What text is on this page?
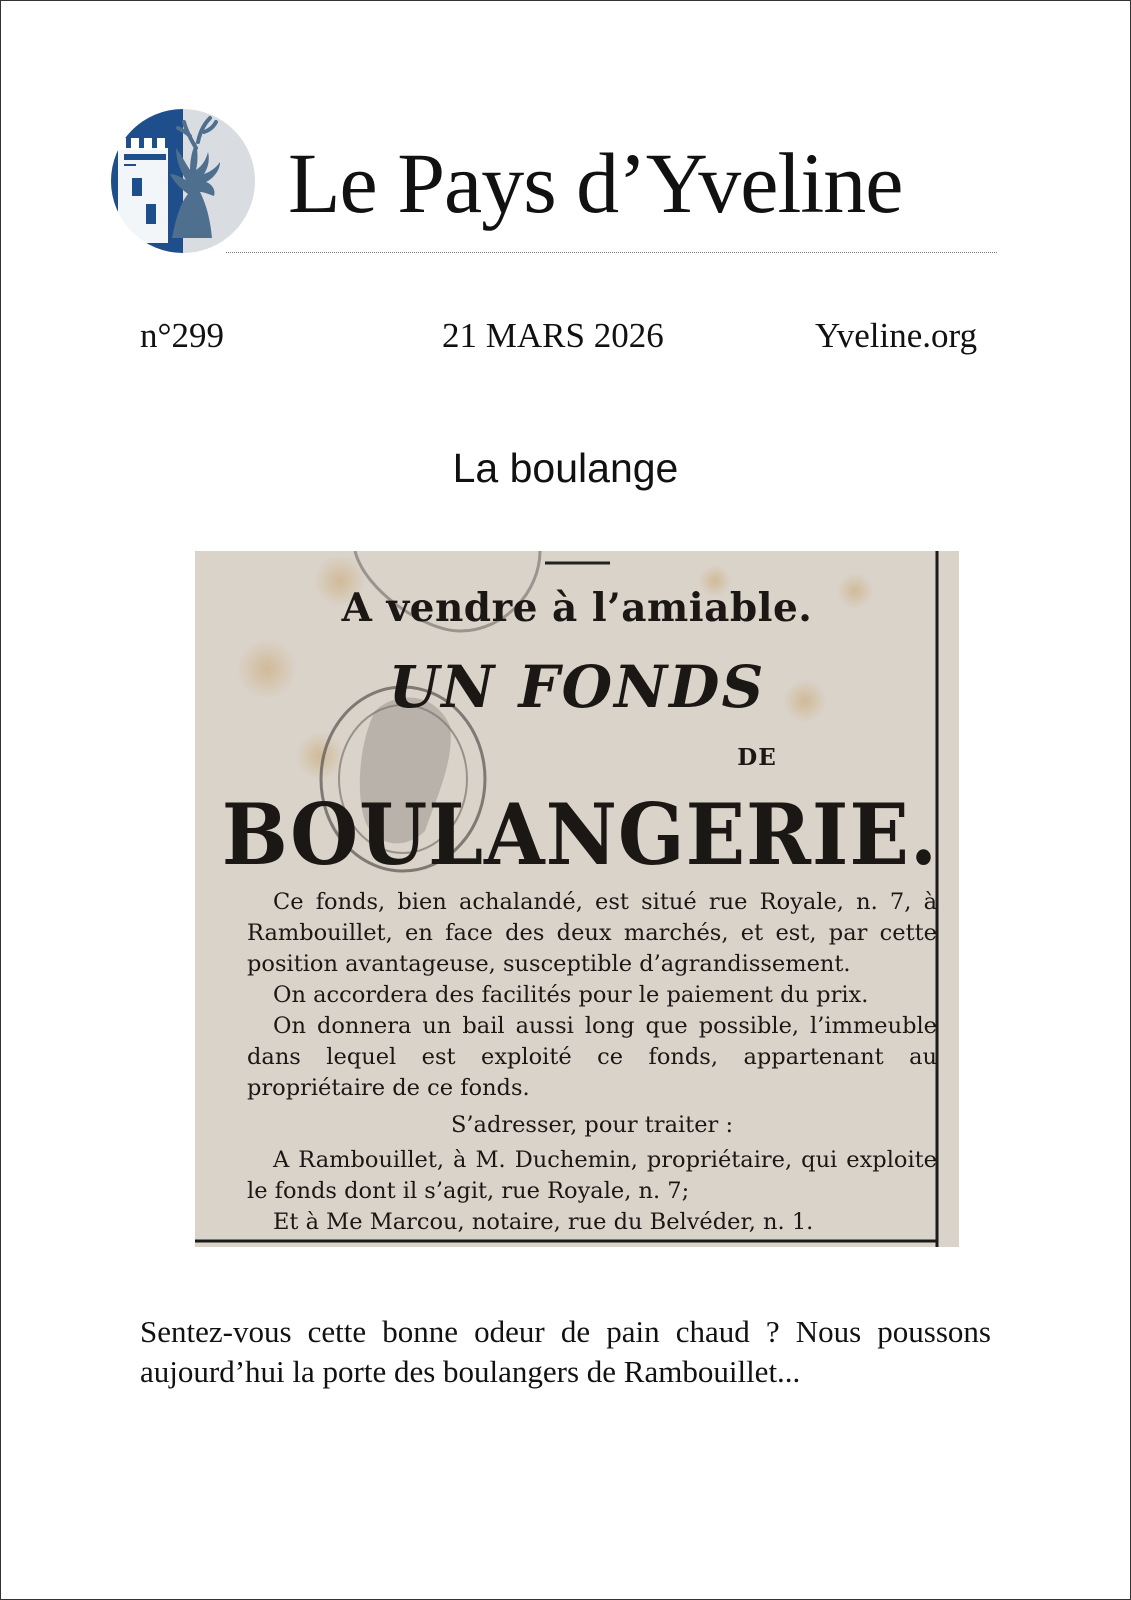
Le Pays d’Yveline
n°299	21 MARS 2026	Yveline.org
La boulange
A vendre à l’amiable.
UN FONDS
DE
BOULANGERIE.

Ce fonds, bien achalandé, est situé rue Royale, n. 7, à Rambouillet, en face des deux marchés, et est, par cette position avantageuse, susceptible d’agrandissement.

On accordera des facilités pour le paiement du prix.

On donnera un bail aussi long que possible, l’immeuble dans lequel est exploité ce fonds, appartenant au propriétaire de ce fonds.

S’adresser, pour traiter :

A Rambouillet, à M. Duchemin, propriétaire, qui exploite le fonds dont il s’agit, rue Royale, n. 7;

Et à Me Marcou, notaire, rue du Belvéder, n. 1.

Sentez-vous cette bonne odeur de pain chaud ? Nous poussons aujourd’hui la porte des boulangers de Rambouillet...
